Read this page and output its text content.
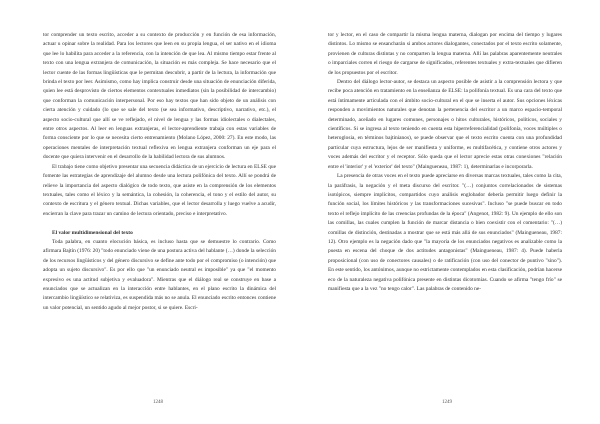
tor comprender un texto escrito, acceder a su contexto de producción y en función de esa información, actuar u opinar sobre la realidad. Para los lectores que leen en su propia lengua, el ser nativo en el idioma que lee lo habilita para acceder a la referencia, con la intención de que lea. Al mismo tiempo estar frente al texto con una lengua extranjera de comunicación, la situación es más compleja. Se hace necesario que el lector cuente de las formas lingüísticas que le permitan descubrir, a partir de la lectura, la información que brinda el texto por leer. Asimismo, como hay implica construir desde una situación de enunciación diferida, quien lee está desprovisto de ciertos elementos contextuales inmediatos (sin la posibilidad de intercambio) que conforman la comunicación interpersonal. Por eso hay textos que han sido objeto de un análisis con cierta atención y cuidado (lo que se sale del texto (se sea informativo, descriptivo, narrativo, etc.), el aspecto socio-cultural que allí se ve reflejado, el nivel de lengua y las formas idiolectales o dialectales, entre otros aspectos. Al leer en lenguas extranjeras, el lector-aprendiente trabaja con estas variables de forma consciente por lo que se necesita cierto entrenamiento (Molano López, 2000: 27). En este modo, las operaciones mentales de interpretación textual reflexiva en lengua extranjera conforman un eje para el docente que quiera intervenir en el desarrollo de la habilidad lectora de sus alumnos.

El trabajo tiene como objetivo presentar una secuencia didáctica de un ejercicio de lectura en ELSE que fomente las estrategias de aprendizaje del alumno desde una lectura polifónica del texto. Allí se pondrá de relieve la importancia del aspecto dialógico de todo texto, que asiste en la comprensión de los elementos textuales, tales como el léxico y la semántica, la cohesión, la coherencia, el tono y el estilo del autor, su contexto de escritura y el género textual. Dichas variables, que el lector desarrolla y luego vuelve a acudir, encierran la clave para trazar un camino de lectura orientado, preciso e interpretativo.

El valor multidimensional del texto

Toda palabra, en cuanto elocución básica, es incluso hasta que se demuestre lo contrario. Como afirmara Bajtín (1976: 20) "todo enunciado viene de una postura activa del hablante (…) donde la selección de los recursos lingüísticos y del género discursivo se define ante todo por el compromiso (o intención) que adopta un sujeto discursivo". Es por ello que "un enunciado neutral es imposible" ya que "el momento expresivo es una actitud subjetiva y evaluadora". Mientras que el diálogo real se construye en base a enunciados que se actualizan en la interacción entre hablantes, en el plano escrito la dinámica del intercambio lingüístico se relativiza, es suspendida más no se anula. El enunciado escrito entonces contiene un valor potencial, un sentido agudo al mejor postor, si se quiere. Escri-

1248

tor y lector, en el caso de compartir la misma lengua materna, dialogan por encima del tiempo y lugares distintos. Lo mismo se ensancharán si ambos actores dialogantes, conectados por el texto escrito solamente, provienen de culturas distintas y no comparten la lengua materna. Allí las palabras aparentemente neutrales o imparciales corren el riesgo de cargarse de significados, referentes textuales y extra-textuales que difieren de los propuestos por el escritor.

Dentro del diálogo lector-autor, se destaca un aspecto posible de asistir a la comprensión lectora y que recibe poca atención en tratamiento en la enseñanza de ELSE: la polifonía textual. Es una cara del texto que está íntimamente articulada con el ámbito socio-cultural en el que se inserta el autor. Sus opciones léxicas responden a movimientos naturales que denotan la pertenencia del escritor a un marco espacio-temporal determinado, aceñado en lugares comunes, personajes o hitos culturales, históricos, políticos, sociales y científicos. Si se ingresa al texto teniendo en cuenta esta hiperreferencialidad (polifonía, voces múltiples o heteroglosia, en términos bajtinianos), se puede observar que el texto escrito cuenta con una profundidad particular cuya estructura, lejos de ser manifiesta y uniforme, es multifacética, y contiene otros actores y voces además del escritor y el receptor. Sólo queda que el lector aprecie estas otras conexiones "relación entre el 'interior' y el 'exterior' del texto" (Maingueneau, 1987: 1), determinarlas e incorporarla.

La presencia de otras voces en el texto puede apreciarse en diversas marcas textuales, tales como la cita, la paráfrasis, la negación y el meta discurso del escritor. "(…) conjuntos correlacionados de sistemas isotópicos, siempre implícitos, compartidos cuyo análisis englobador debería permitir luego definir la función social, los límites históricos y las transformaciones sucesivas". Incluso "se puede buscar en todo texto el reflejo implícito de las creencias profundas de la época" (Angenot, 1982: 9). Un ejemplo de ello son las comillas, las cuales cumplen la función de marcar distancia o bien coexistir con el comentario: "(…) comillas de distinción, destinadas a mostrar que se está más allá de sus enunciados" (Maingueneau, 1987: 12). Otro ejemplo es la negación dado que "la mayoría de los enunciados negativos es analizable como la puesta en escena del choque de dos actitudes antagonistas" (Maingueneau, 1987: 4). Puede haberla proposicional (con uso de conectores causales) o de ratificación (con uso del conector de puntivo "sino"). En este sentido, los antónimos, aunque no estrictamente contemplados en esta clasificación, podrían hacerse eco de la naturaleza negativa polifónica presente en distintas dicotomías. Cuando se afirma "tengo frío" se manifiesta que a la vez "no tengo calor". Las palabras de contenido ne-

1249
